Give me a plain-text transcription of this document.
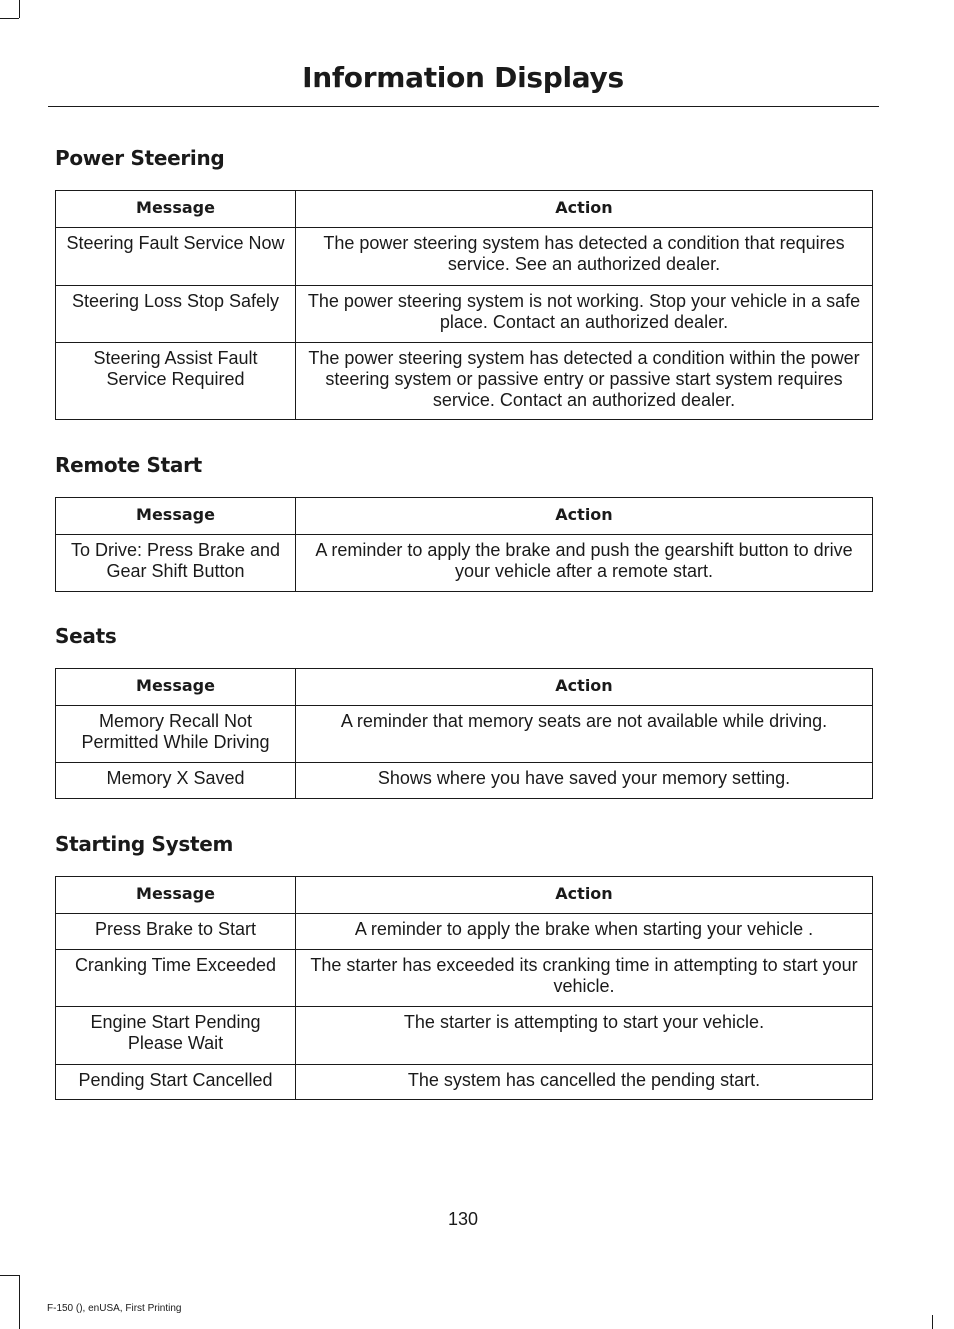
Information Displays
Power Steering
Message	Action
Steering Fault Service Now	The power steering system has detected a condition that requires service. See an authorized dealer.
Steering Loss Stop Safely	The power steering system is not working. Stop your vehicle in a safe place. Contact an authorized dealer.
Steering Assist Fault Service Required	The power steering system has detected a condition within the power steering system or passive entry or passive start system requires service. Contact an authorized dealer.
Remote Start
Message	Action
To Drive: Press Brake and Gear Shift Button	A reminder to apply the brake and push the gearshift button to drive your vehicle after a remote start.
Seats
Message	Action
Memory Recall Not Permitted While Driving	A reminder that memory seats are not available while driving.
Memory X Saved	Shows where you have saved your memory setting.
Starting System
Message	Action
Press Brake to Start	A reminder to apply the brake when starting your vehicle .
Cranking Time Exceeded	The starter has exceeded its cranking time in attempting to start your vehicle.
Engine Start Pending Please Wait	The starter is attempting to start your vehicle.
Pending Start Cancelled	The system has cancelled the pending start.
130
F-150 (), enUSA, First Printing
